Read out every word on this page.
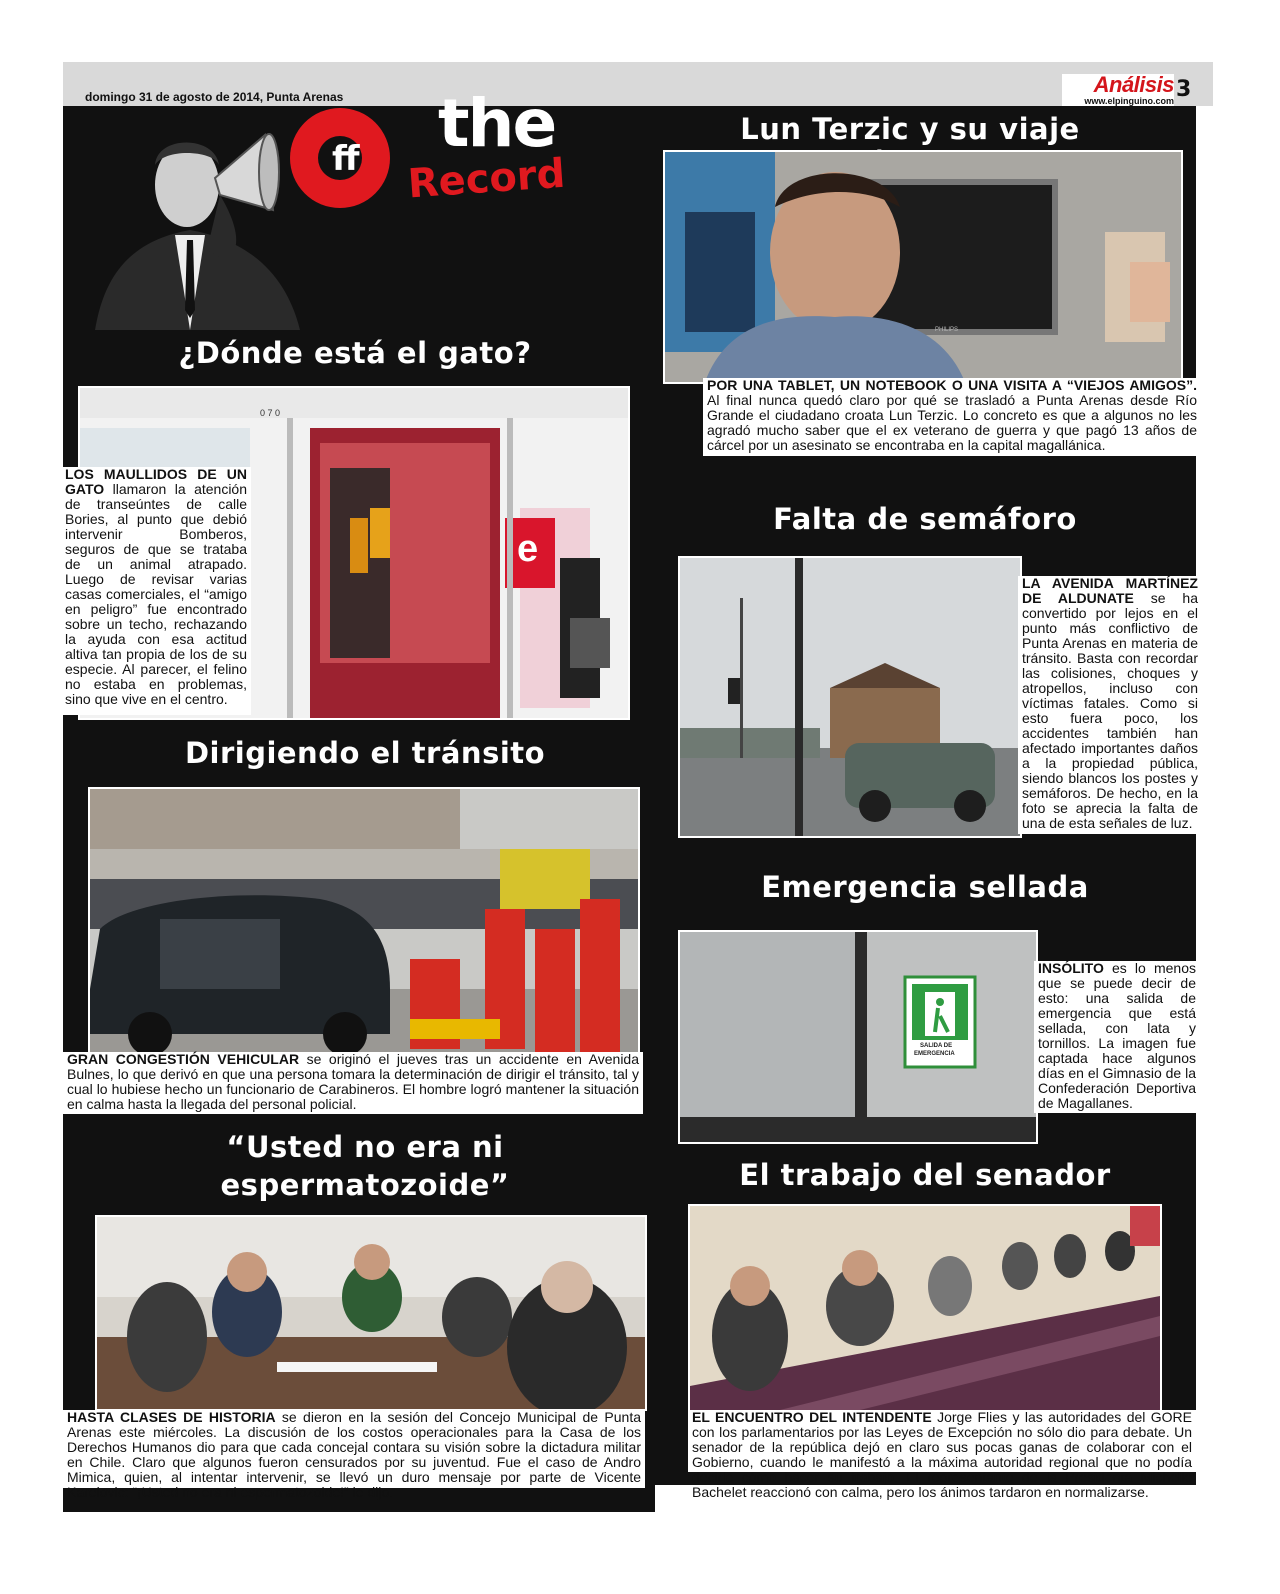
domingo 31 de agosto de 2014, Punta Arenas	Análisis
www.elpinguino.com 3
ff the
Record
¿Dónde está el gato?
0 7 0
e
LOS MAULLIDOS DE UN GATO llamaron la atención de transeúntes de calle Bories, al punto que debió intervenir Bomberos, seguros de que se trataba de un animal atrapado. Luego de revisar varias casas comerciales, el “amigo en peligro” fue encontrado sobre un techo, rechazando la ayuda con esa actitud altiva tan propia de los de su especie. Al parecer, el felino no estaba en problemas, sino que vive en el centro.
Lun Terzic y su viaje
PHILIPS
POR UNA TABLET, UN NOTEBOOK O UNA VISITA A “VIEJOS AMIGOS”. Al final nunca quedó claro por qué se trasladó a Punta Arenas desde Río Grande el ciudadano croata Lun Terzic. Lo concreto es que a algunos no les agradó mucho saber que el ex veterano de guerra y que pagó 13 años de cárcel por un asesinato se encontraba en la capital magallánica.
Falta de semáforo
LA AVENIDA MARTÍNEZ DE ALDUNATE se ha convertido por lejos en el punto más conflictivo de Punta Arenas en materia de tránsito. Basta con recordar las colisiones, choques y atropellos, incluso con víctimas fatales. Como si esto fuera poco, los accidentes también han afectado importantes daños a la propiedad pública, siendo blancos los postes y semáforos. De hecho, en la foto se aprecia la falta de una de esta señales de luz.
Dirigiendo el tránsito
GRAN CONGESTIÓN VEHICULAR se originó el jueves tras un accidente en Avenida Bulnes, lo que derivó en que una persona tomara la determinación de dirigir el tránsito, tal y cual lo hubiese hecho un funcionario de Carabineros. El hombre logró mantener la situación en calma hasta la llegada del personal policial.
Emergencia sellada
SALIDA DE
EMERGENCIA
INSÓLITO es lo menos que se puede decir de esto: una salida de emergencia que está sellada, con lata y tornillos. La imagen fue captada hace algunos días en el Gimnasio de la Confederación Deportiva de Magallanes.
“Usted no era ni
espermatozoide”
HASTA CLASES DE HISTORIA se dieron en la sesión del Concejo Municipal de Punta Arenas este miércoles. La discusión de los costos operacionales para la Casa de los Derechos Humanos dio para que cada concejal contara su visión sobre la dictadura militar en Chile. Claro que algunos fueron censurados por su juventud. Fue el caso de Andro Mimica, quien, al intentar intervenir, se llevó un duro mensaje por parte de Vicente Karelovic: “¡Usted no era ni espermatozoide!” le dijo.
El trabajo del senador
EL ENCUENTRO DEL INTENDENTE Jorge Flies y las autoridades del GORE con los parlamentarios por las Leyes de Excepción no sólo dio para debate. Un senador de la república dejó en claro sus pocas ganas de colaborar con el Gobierno, cuando le manifestó a la máxima autoridad regional que no podía decirle cómo hacer su trabajo. El representante de la Presidenta Michelle Bachelet reaccionó con calma, pero los ánimos tardaron en normalizarse.
